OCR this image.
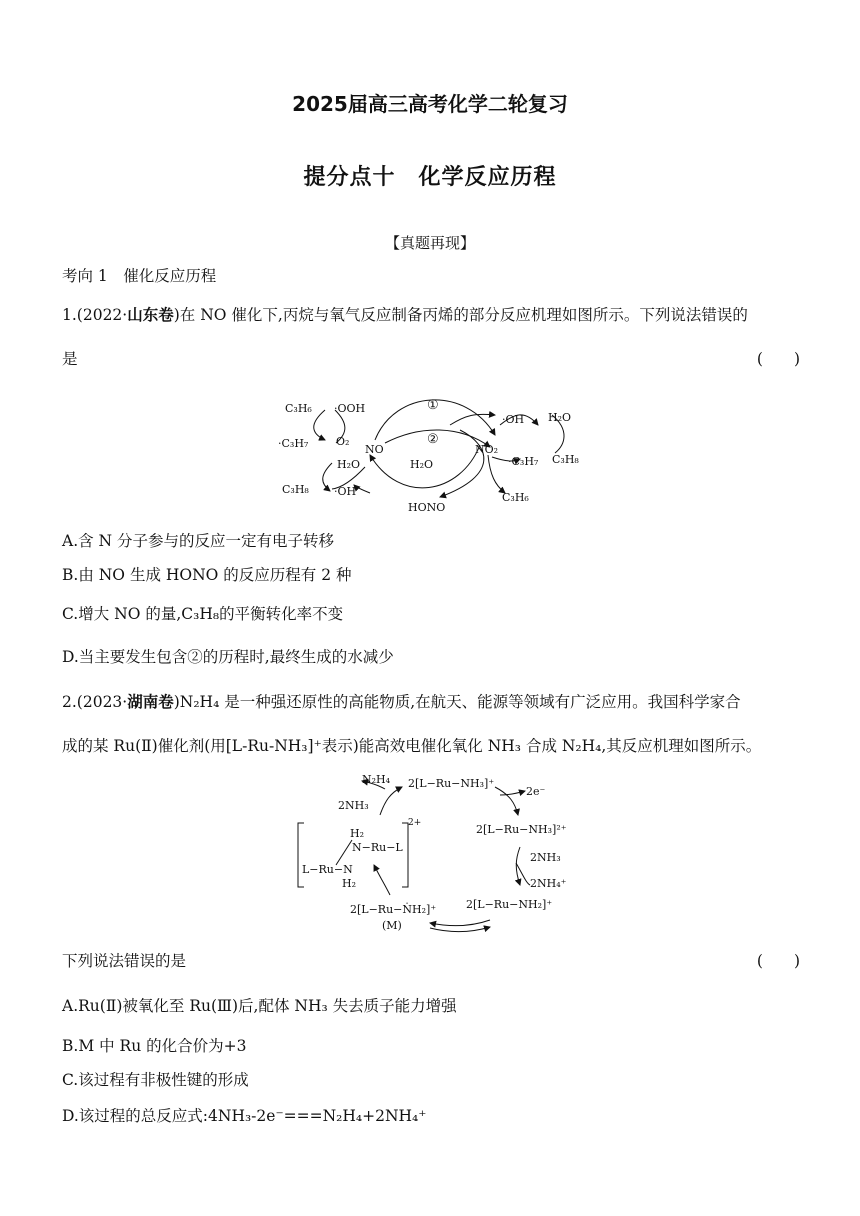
2025届高三高考化学二轮复习
提分点十　化学反应历程
【真题再现】
考向 1　催化反应历程
1.(2022·山东卷)在 NO 催化下,丙烷与氧气反应制备丙烯的部分反应机理如图所示。下列说法错误的
是	(　　)
C₃H₆ ·OOH
·C₃H₇	O₂
NO
H₂O
C₃H₈ ·OH
①
②
H₂O
HONO
NO₂
·OH H₂O
C₃H₈
·C₃H₇
C₃H₆
A.含 N 分子参与的反应一定有电子转移
B.由 NO 生成 HONO 的反应历程有 2 种
C.增大 NO 的量,C₃H₈的平衡转化率不变
D.当主要发生包含②的历程时,最终生成的水减少
2.(2023·湖南卷)N₂H₄ 是一种强还原性的高能物质,在航天、能源等领域有广泛应用。我国科学家合
成的某 Ru(Ⅱ)催化剂(用[L-Ru-NH₃]⁺表示)能高效电催化氧化 NH₃ 合成 N₂H₄,其反应机理如图所示。
N₂H₄
2NH₃
2[L−Ru−NH₃]⁺
2e⁻
2[L−Ru−NH₃]²⁺
2NH₃
2NH₄⁺
2[L−Ru−NH₂]⁺
2[L−Ru−ṄH₂]⁺
(M)
H₂
N−Ru−L
L−Ru−N
H₂
2+
下列说法错误的是	(　　)
A.Ru(Ⅱ)被氧化至 Ru(Ⅲ)后,配体 NH₃ 失去质子能力增强
B.M 中 Ru 的化合价为+3
C.该过程有非极性键的形成
D.该过程的总反应式:4NH₃-2e⁻===N₂H₄+2NH₄⁺
